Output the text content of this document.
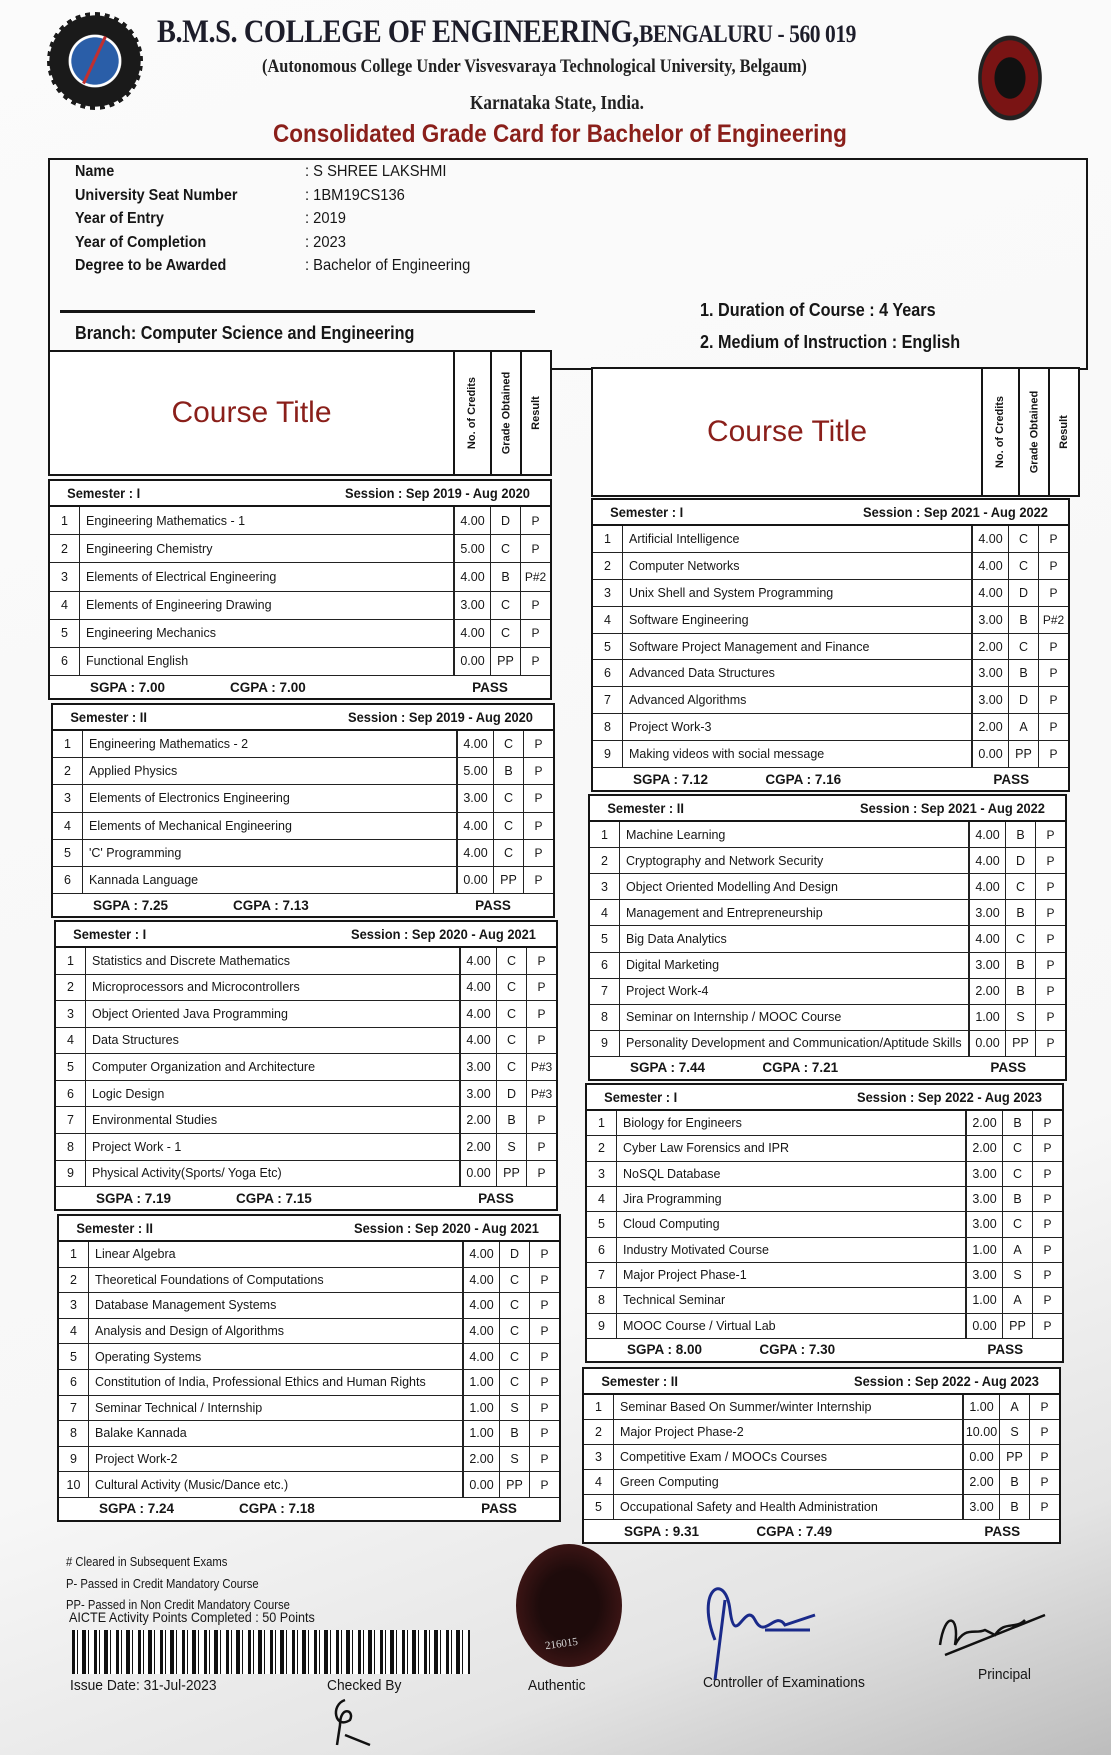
B.M.S. COLLEGE OF ENGINEERING,BENGALURU - 560 019
(Autonomous College Under Visvesvaraya Technological University, Belgaum)
Karnataka State, India.
Consolidated Grade Card for Bachelor of Engineering
Name	: S SHREE LAKSHMI
University Seat Number	: 1BM19CS136
Year of Entry	: 2019
Year of Completion	: 2023
Degree to be Awarded	: Bachelor of Engineering
Branch: Computer Science and Engineering
1. Duration of Course : 4 Years
2. Medium of Instruction : English
Course Title	No. of Credits Grade Obtained Result
Semester : I	Session : Sep 2019 - Aug 2020
1	Engineering Mathematics - 1	4.00	D	P
2	Engineering Chemistry	5.00	C	P
3	Elements of Electrical Engineering	4.00	B	P#2
4	Elements of Engineering Drawing	3.00	C	P
5	Engineering Mechanics	4.00	C	P
6	Functional English	0.00 PP	P
SGPA : 7.00	CGPA : 7.00	PASS
Semester : II	Session : Sep 2019 - Aug 2020
1	Engineering Mathematics - 2	4.00	C	P
2	Applied Physics	5.00	B	P
3	Elements of Electronics Engineering	3.00	C	P
4	Elements of Mechanical Engineering	4.00	C	P
5	'C' Programming	4.00	C	P
6	Kannada Language	0.00 PP	P
SGPA : 7.25	CGPA : 7.13	PASS
Semester : I	Session : Sep 2020 - Aug 2021
1	Statistics and Discrete Mathematics	4.00	C	P
2	Microprocessors and Microcontrollers	4.00	C	P
3	Object Oriented Java Programming	4.00	C	P
4	Data Structures	4.00	C	P
5	Computer Organization and Architecture	3.00	C	P#3
6	Logic Design	3.00	D	P#3
7	Environmental Studies	2.00	B	P
8	Project Work - 1	2.00	S	P
9	Physical Activity(Sports/ Yoga Etc)	0.00 PP	P
SGPA : 7.19	CGPA : 7.15	PASS
Semester : II	Session : Sep 2020 - Aug 2021
1	Linear Algebra	4.00	D	P
2	Theoretical Foundations of Computations	4.00	C	P
3	Database Management Systems	4.00	C	P
4	Analysis and Design of Algorithms	4.00	C	P
5	Operating Systems	4.00	C	P
6	Constitution of India, Professional Ethics and Human Rights	1.00	C	P
7	Seminar Technical / Internship	1.00	S	P
8	Balake Kannada	1.00	B	P
9	Project Work-2	2.00	S	P
10	Cultural Activity (Music/Dance etc.)	0.00 PP	P
SGPA : 7.24	CGPA : 7.18	PASS
Course Title	No. of Credits Grade Obtained Result
Semester : I	Session : Sep 2021 - Aug 2022
1	Artificial Intelligence	4.00	C	P
2	Computer Networks	4.00	C	P
3	Unix Shell and System Programming	4.00	D	P
4	Software Engineering	3.00	B	P#2
5	Software Project Management and Finance	2.00	C	P
6	Advanced Data Structures	3.00	B	P
7	Advanced Algorithms	3.00	D	P
8	Project Work-3	2.00	A	P
9	Making videos with social message	0.00 PP	P
SGPA : 7.12	CGPA : 7.16	PASS
Semester : II	Session : Sep 2021 - Aug 2022
1	Machine Learning	4.00	B	P
2	Cryptography and Network Security	4.00	D	P
3	Object Oriented Modelling And Design	4.00	C	P
4	Management and Entrepreneurship	3.00	B	P
5	Big Data Analytics	4.00	C	P
6	Digital Marketing	3.00	B	P
7	Project Work-4	2.00	B	P
8	Seminar on Internship / MOOC Course	1.00	S	P
9	Personality Development and Communication/Aptitude Skills	0.00 PP	P
SGPA : 7.44	CGPA : 7.21	PASS
Semester : I	Session : Sep 2022 - Aug 2023
1	Biology for Engineers	2.00	B	P
2	Cyber Law Forensics and IPR	2.00	C	P
3	NoSQL Database	3.00	C	P
4	Jira Programming	3.00	B	P
5	Cloud Computing	3.00	C	P
6	Industry Motivated Course	1.00	A	P
7	Major Project Phase-1	3.00	S	P
8	Technical Seminar	1.00	A	P
9	MOOC Course / Virtual Lab	0.00 PP	P
SGPA : 8.00	CGPA : 7.30	PASS
Semester : II	Session : Sep 2022 - Aug 2023
1	Seminar Based On Summer/winter Internship	1.00	A	P
2	Major Project Phase-2	10.00	S	P
3	Competitive Exam / MOOCs Courses	0.00 PP	P
4	Green Computing	2.00	B	P
5	Occupational Safety and Health Administration	3.00	B	P
SGPA : 9.31	CGPA : 7.49	PASS
# Cleared in Subsequent Exams
P- Passed in Credit Mandatory Course
PP- Passed in Non Credit Mandatory Course
AICTE Activity Points Completed : 50 Points
Issue Date: 31-Jul-2023	Checked By
216015
Authentic	Controller of Examinations	Principal
